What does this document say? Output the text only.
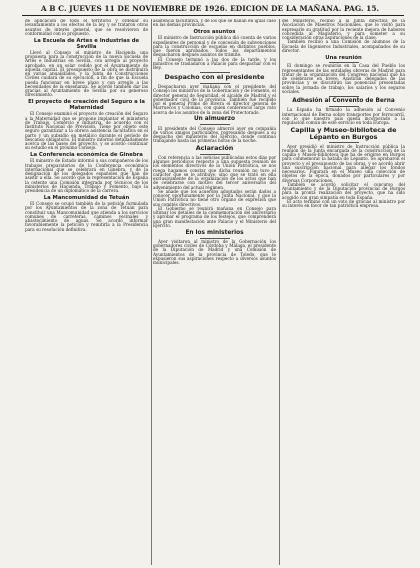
A B C. JUEVES 11 DE NOVIEMBRE DE 1926. EDICION DE LA MAÑANA. PAG. 15.

de aplicación de todo el territorio y ordenar su levantamiento a los efectos de la ley, y se trataron otros asuntos de interés general, que se resolvieron de conformidad con lo propuesto.

La Escuela de Artes e Industrias de Sevilla

Llevó al Consejo el ministro de Hacienda una propuesta para la construcción de la nueva Escuela de Artes e Industrias en Sevilla, con arreglo al proyecto aprobado, en un solar cedido por el Ayuntamiento de aquella capital. El presupuesto de la obra se distribuirá en varias anualidades, y la Junta de Construcciones Civiles cuidará de su ejecución, a fin de que la Escuela pueda funcionar en breve plazo y con arreglo a las necesidades de la enseñanza. Se acordó también dar las gracias al Ayuntamiento de Sevilla por su generoso ofrecimiento.

El proyecto de creación del Seguro a la Maternidad

El Consejo examinó el proyecto de creación del Seguro a la Maternidad que se propone implantar el ministerio de Trabajo, Comercio e Industria, de acuerdo con el Instituto Nacional de Previsión. Tiene por objeto este seguro garantizar a la obrera asistencia facultativa en el parto y un subsidio en metálico durante el período de descanso obligatorio. El ministro informó detalladamente acerca de las bases del proyecto, y se acordó continuar su estudio en el próximo Consejo.

La Conferencia económica de Ginebra

El ministro de Estado informó a sus compañeros de los trabajos preparatorios de la Conferencia económica internacional que se celebrará en Ginebra, y de la designación de los delegados españoles que han de asistir a ella. Se acordó que la representación de España la ostente una Comisión integrada por técnicos de los ministerios de Hacienda, Trabajo y Fomento, bajo la presidencia de un diplomático de la carrera.

La Mancomunidad de Tetuán

El Consejo se ocupó también de la petición formulada por los Ayuntamientos de la zona de Tetuán para constituir una Mancomunidad que atienda a los servicios comunes de carreteras, caminos vecinales y abastecimiento de aguas. Se acordó informar favorablemente la petición y remitirla a la Presidencia para su resolución definitiva.

asistencia facultativa, y de los que se hallan en igual caso en las demás provincias.

Otros asuntos

El ministro de Instrucción pública dió cuenta de varios expedientes de personal y de concesión de subvenciones para la construcción de escuelas en distintos pueblos, que fueron aprobados. Todos los departamentos despacharon después asuntos de trámite.

El Consejo terminó a las dos de la tarde, y los ministros se trasladaron a Palacio para despachar con el Rey.

Despacho con el presidente

Despacharon ayer mañana con el presidente del Consejo los ministros de la Gobernación y de Fomento, el director general de Seguridad, el alcalde de Madrid y el gobernador civil de la provincia. También fué recibido por el general Primo de Rivera el director general de Marruecos y Colonias, con quien conferenció largo rato acerca de los asuntos de la zona del Protectorado.

Un almuerzo

El presidente del Consejo almorzó ayer en compañía de varios amigos particulares, regresando después a su despacho del ministerio del Ejército, donde continuó trabajando hasta las primeras horas de la noche.

Aclaración

Con referencia a las noticias publicadas estos días por algunos periódicos respecto a una supuesta reunión de los elementos directivos de la Unión Patriótica, se nos ruega hagamos constar que dicha reunión no tuvo el carácter que se le atribuye, sino que se trató en ella exclusivamente de la organización de los actos que han de celebrarse con motivo del tercer aniversario del advenimiento del actual régimen.

Se añade que los acuerdos adoptados serán dados a conocer oportunamente por la Junta Nacional, y que la Unión Patriótica no tiene otro órgano de expresión que sus comités directivos.

El Gobierno se reunirá mañana en Consejo para ultimar los detalles de la conmemoración del aniversario y aprobar el programa de los festejos, que comprenderá una gran manifestación ante Palacio y el Ministerio del Ejército.

En los ministerios

Ayer visitaron al ministro de la Gobernación los gobernadores civiles de Córdoba y Málaga, el presidente de la Diputación de Madrid y una Comisión de Ayuntamientos de la provincia de Toledo, que le expusieron sus aspiraciones respecto a diversos asuntos municipales.

del Ministerio, recibió a la Junta directiva de la Asociación de Maestros Nacionales, que le visitó para expresarle su gratitud por la reciente mejora de haberes concedida al Magisterio, y para someter a su consideración otras aspiraciones de la clase.

También recibió a una Comisión de alumnos de la Escuela de Ingenieros Industriales, acompañados de su director.

Una reunión

El domingo se reunirán en la Casa del Pueblo los representantes de las entidades obreras de Madrid para tratar de la organización del Congreso nacional que ha de celebrarse en breve. Asistirán delegados de las provincias y se discutirán las ponencias presentadas sobre la jornada de trabajo, los salarios y los seguros sociales.

Adhesión al Convento de Berna

La España ha firmado la adhesión al Convenio internacional de Berna sobre transportes por ferrocarril, con lo que nuestro país queda incorporado a la regulación común de este servicio en toda Europa.

Capilla y Museo-biblioteca de Lépanto en Burgos

Ayer presidió el ministro de Instrucción pública la reunión de la Junta encargada de la construcción de la capilla y Museo-biblioteca que ha de erigirse en Burgos para conmemorar la batalla de Lepanto. Se aprobaron el proyecto y el presupuesto de las obras, y se acordó abrir una suscripción nacional para allegar los fondos necesarios. Figurará en el Museo una colección de objetos de la época, donados por particulares y por diversas Corporaciones.

También se acordó solicitar el concurso del Ayuntamiento y de la Diputación provincial de Burgos para la pronta realización del proyecto, que ha sido acogido con gran simpatía en toda España.

El acto terminó con un voto de gracias al ministro por su interés en favor de tan patriótica empresa.
